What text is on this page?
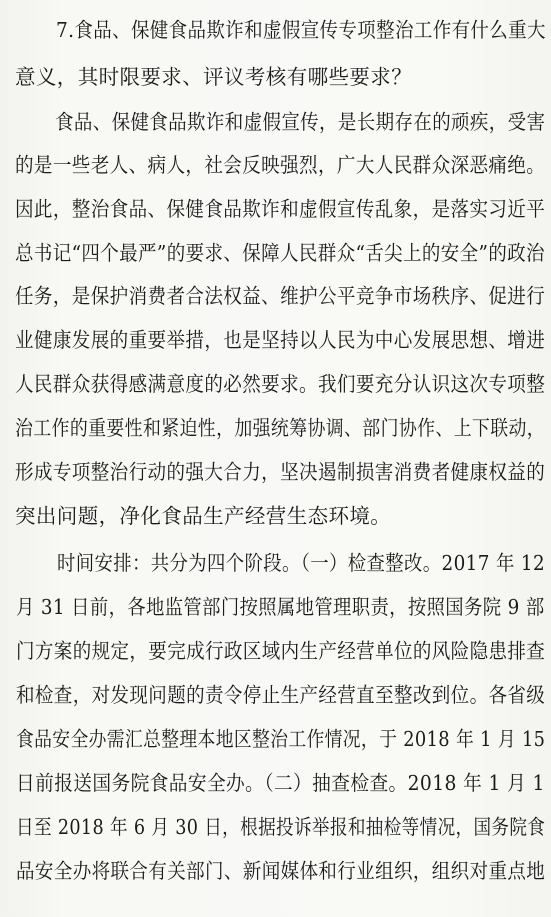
7.食品、保健食品欺诈和虚假宣传专项整治工作有什么重大
意义，其时限要求、评议考核有哪些要求？
食品、保健食品欺诈和虚假宣传，是长期存在的顽疾，受害
的是一些老人、病人，社会反映强烈，广大人民群众深恶痛绝。
因此，整治食品、保健食品欺诈和虚假宣传乱象，是落实习近平
总书记“四个最严”的要求、保障人民群众“舌尖上的安全”的政治
任务，是保护消费者合法权益、维护公平竞争市场秩序、促进行
业健康发展的重要举措，也是坚持以人民为中心发展思想、增进
人民群众获得感满意度的必然要求。我们要充分认识这次专项整
治工作的重要性和紧迫性，加强统筹协调、部门协作、上下联动，
形成专项整治行动的强大合力，坚决遏制损害消费者健康权益的
突出问题，净化食品生产经营生态环境。
时间安排：共分为四个阶段。（一）检查整改。2017 年 12
月 31 日前，各地监管部门按照属地管理职责，按照国务院 9 部
门方案的规定，要完成行政区域内生产经营单位的风险隐患排查
和检查，对发现问题的责令停止生产经营直至整改到位。各省级
食品安全办需汇总整理本地区整治工作情况，于 2018 年 1 月 15
日前报送国务院食品安全办。（二）抽查检查。2018 年 1 月 1
日至 2018 年 6 月 30 日，根据投诉举报和抽检等情况，国务院食
品安全办将联合有关部门、新闻媒体和行业组织，组织对重点地
